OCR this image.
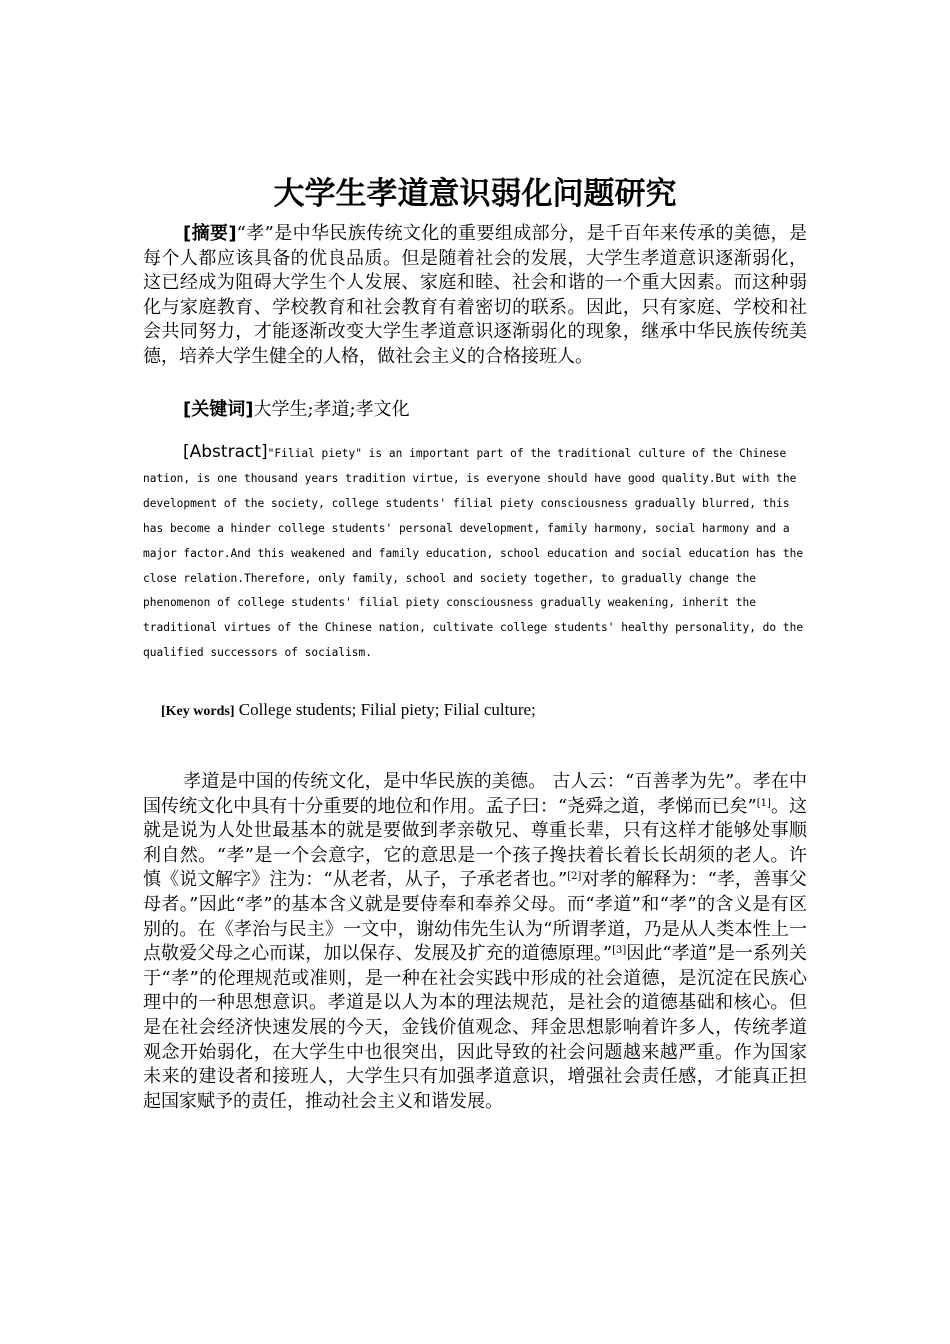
大学生孝道意识弱化问题研究

[摘要]“孝”是中华民族传统文化的重要组成部分，是千百年来传承的美德，是每个人都应该具备的优良品质。但是随着社会的发展，大学生孝道意识逐渐弱化，这已经成为阻碍大学生个人发展、家庭和睦、社会和谐的一个重大因素。而这种弱化与家庭教育、学校教育和社会教育有着密切的联系。因此，只有家庭、学校和社会共同努力，才能逐渐改变大学生孝道意识逐渐弱化的现象，继承中华民族传统美德，培养大学生健全的人格，做社会主义的合格接班人。

[关键词]大学生;孝道;孝文化

[Abstract]"Filial piety" is an important part of the traditional culture of the Chinese nation, is one thousand years tradition virtue, is everyone should have good quality.But with the development of the society, college students' filial piety consciousness gradually blurred, this has become a hinder college students' personal development, family harmony, social harmony and a major factor.And this weakened and family education, school education and social education has the close relation.Therefore, only family, school and society together, to gradually change the phenomenon of college students' filial piety consciousness gradually weakening, inherit the traditional virtues of the Chinese nation, cultivate college students' healthy personality, do the qualified successors of socialism.

[Key words] College students; Filial piety; Filial culture;

孝道是中国的传统文化，是中华民族的美德。 古人云：“百善孝为先”。孝在中国传统文化中具有十分重要的地位和作用。孟子曰：“尧舜之道，孝悌而已矣”[1]。这就是说为人处世最基本的就是要做到孝亲敬兄、尊重长辈，只有这样才能够处事顺利自然。“孝”是一个会意字，它的意思是一个孩子搀扶着长着长长胡须的老人。许慎《说文解字》注为：“从老者，从子，子承老者也。”[2]对孝的解释为：“孝，善事父母者。”因此“孝”的基本含义就是要侍奉和奉养父母。而“孝道”和“孝”的含义是有区别的。在《孝治与民主》一文中，谢幼伟先生认为“所谓孝道，乃是从人类本性上一点敬爱父母之心而谋，加以保存、发展及扩充的道德原理。”[3]因此“孝道”是一系列关于“孝”的伦理规范或准则，是一种在社会实践中形成的社会道德，是沉淀在民族心理中的一种思想意识。孝道是以人为本的理法规范，是社会的道德基础和核心。但是在社会经济快速发展的今天，金钱价值观念、拜金思想影响着许多人，传统孝道观念开始弱化，在大学生中也很突出，因此导致的社会问题越来越严重。作为国家未来的建设者和接班人，大学生只有加强孝道意识，增强社会责任感，才能真正担起国家赋予的责任，推动社会主义和谐发展。
